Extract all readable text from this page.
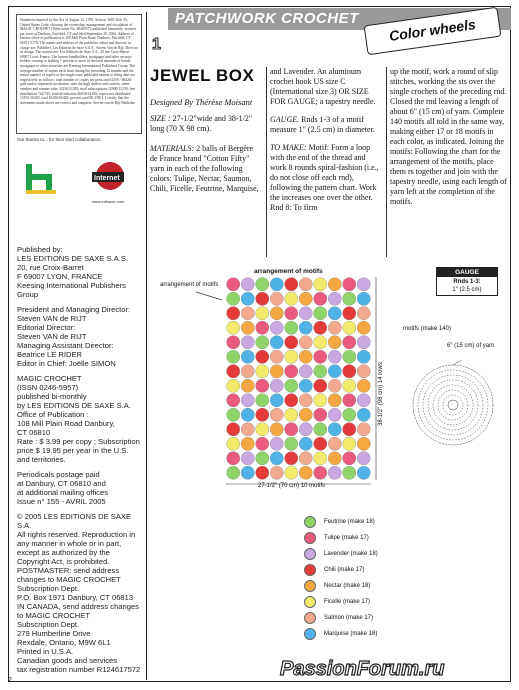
PATCHWORK CROCHET	Color wheels
Statement required by the Act of August 12, 1970, Section 3685 Title 39, United States Code, showing the ownership, management and circulation of MAGIC CROCHET (Publication No. 0046957), published bimonthly, in times per years at Danbury, Fairfield, CT and filed September 30, 2004. Address of known office of publication is 108 Mill Plain Road, Danbury, Fairfield, CT 06811-5179. The names and address of the publisher, editor and director in charge are: Publisher, Les Editions de Saxe S.A.S., Steven Van de Rijt; Director in charge. The owners are: Les Editions de Saxe S.A., 20 rue Croix-Barret 69007 Lyon, France. The known bondholders, mortgages and other security holders owning or holding 1 percent or more of the total amounts of bonds, mortgages or other securities are Keesing International Publishers Group. The average number of copies each issue during the preceding 12 months and the actual number of copies of the single issue published nearest to filing date are respectively as follows: total number of copies net press run 61250 / 60420; paid and/or requested circulation; sales through dealers and carriers, street vendors and counter sales 32416/31205; mail subscriptions 12900/12150; free distribution 742/745; total distribution 46058/44100; copies not distributed 15192/16320; total 61250/60420; percent paid 98.3/98.3. I certify that the statements made above are correct and complete. Steven van de Rijt Publisher
Our thanks to... for their kind collaboration.
Internet
www.edisaxe.com

Published by:
LES EDITIONS DE SAXE S.A.S.
20, rue Croix-Barret
F 69007 LYON, FRANCE
Keesing International Publishers Group

President and Managing Director:
Steven VAN de RIJT
Editorial Director:
Steven VAN de RIJT
Managing Assistant Director:
Beatrice LE RIDER
Editor in Chief: Joëlle SIMON

MAGIC CROCHET
(ISSN 0246-5957)
published bi-monthly
by LES EDITIONS DE SAXE S.A.
Office of Publication :
108 Mill Plain Road Danbury,
CT 06810
Rate : $ 3.99 per copy ; Subscription price $ 19.95 per year in the U.S. and territories.

Periodicals postage paid
at Danbury, CT 06810 and
at additional mailing offices
Issue n° 155 - AVRIL 2005

© 2005 LES EDITIONS DE SAXE S.A.
All rights reserved. Reproduction in any manner in whole or in part, except as authorized by the Copyright Act, is prohibited.
POSTMASTER: send address changes to MAGIC CROCHET Subscription Dept.
P.O. Box 1971 Danbury, CT 06813
IN CANADA, send address changes to MAGIC CROCHET
Subscription Dept.
279 Humberline Drive
Rexdale, Ontario, M9W 6L1
Printed in U.S.A.
Canadian goods and services
tax registration number R124617572

1
JEWEL BOX
Designed By Thérèse Moisant
SIZE : 27-1/2"wide and 38-1/2" long (70 X 98 cm).
MATERIALS: 2 balls of Bergère de France brand "Cotton Fifty" yarn in each of the following colors: Tulipe, Nectar, Saumon, Chili, Ficelle, Feutrine, Marquise,

and Lavender. An aluminum crochet hook US size C (International size 3) OR SIZE FOR GAUGE; a tapestry needle.

GAUGE. Rnds 1-3 of a motif measure 1" (2.5 cm) in diameter.

TO MAKE: Motif: Form a loop with the end of the thread and work 8 rounds spiral-fashion (i.e., do not close off each rnd), following the pattern chart. Work the increases one over the other. Rnd 8: To firm

up the motif, work a round of slip stitches, working the sts over the single crochets of the preceding rnd. Closed the rnd leaving a length of about 6" (15 cm) of yarn. Complete 140 motifs all told in the same way, making either 17 or 18 motifs in each color, as indicated. Joining the motifs: Following the chart for the arrangement of the motifs, place them rs together and join with the tapestry needle, using each length of yarn left at the completion of the motifs.
GAUGE
Rnds 1-3:
1" (2.5 cm)
arrangement of motifs
arrangement of motifs
27-1/2" (70 cm) 10 motifs
38-1/2" (98 cm) 14 rows
motifs (make 140)
6" (15 cm) of yarn
Feutrine (make 18)
Tulipe (make 17)
Lavender (make 18)
Chili (make 17)
Nectar (make 18)
Ficelle (make 17)
Salmon (make 17)
Marquise (make 18)
2
PassionForum.ru
